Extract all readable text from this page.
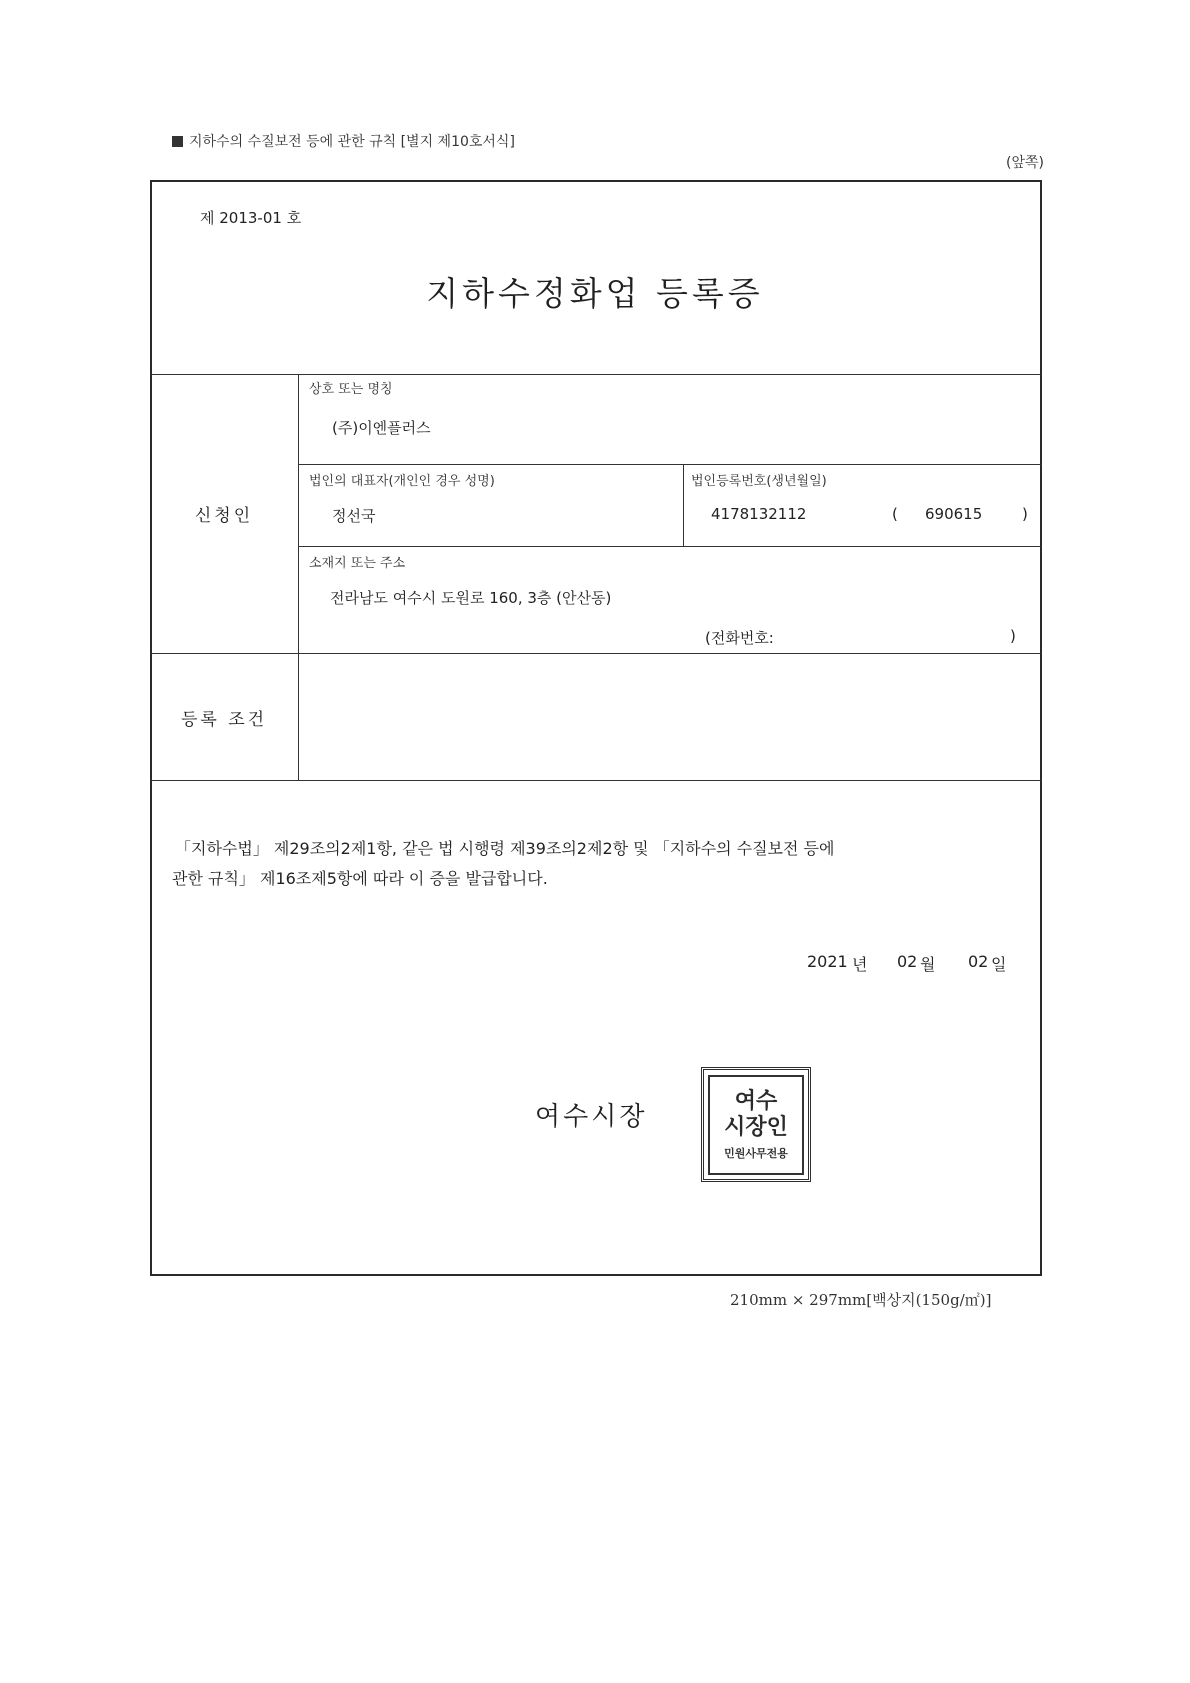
지하수의 수질보전 등에 관한 규칙 [별지 제10호서식]
(앞쪽)
제 2013-01 호
지하수정화업 등록증
신청인
상호 또는 명칭
(주)이엔플러스
법인의 대표자(개인인 경우 성명)
정선국
법인등록번호(생년월일)
4178132112	( 690615	)
소재지 또는 주소
전라남도 여수시 도원로 160, 3층 (안산동)
(전화번호:	)
등록 조건
「지하수법」 제29조의2제1항, 같은 법 시행령 제39조의2제2항 및 「지하수의 수질보전 등에
관한 규칙」 제16조제5항에 따라 이 증을 발급합니다.
2021 년 02 월 02 일
여수시장
여수
시장인
민원사무전용
210mm × 297mm[백상지(150g/㎡)]
